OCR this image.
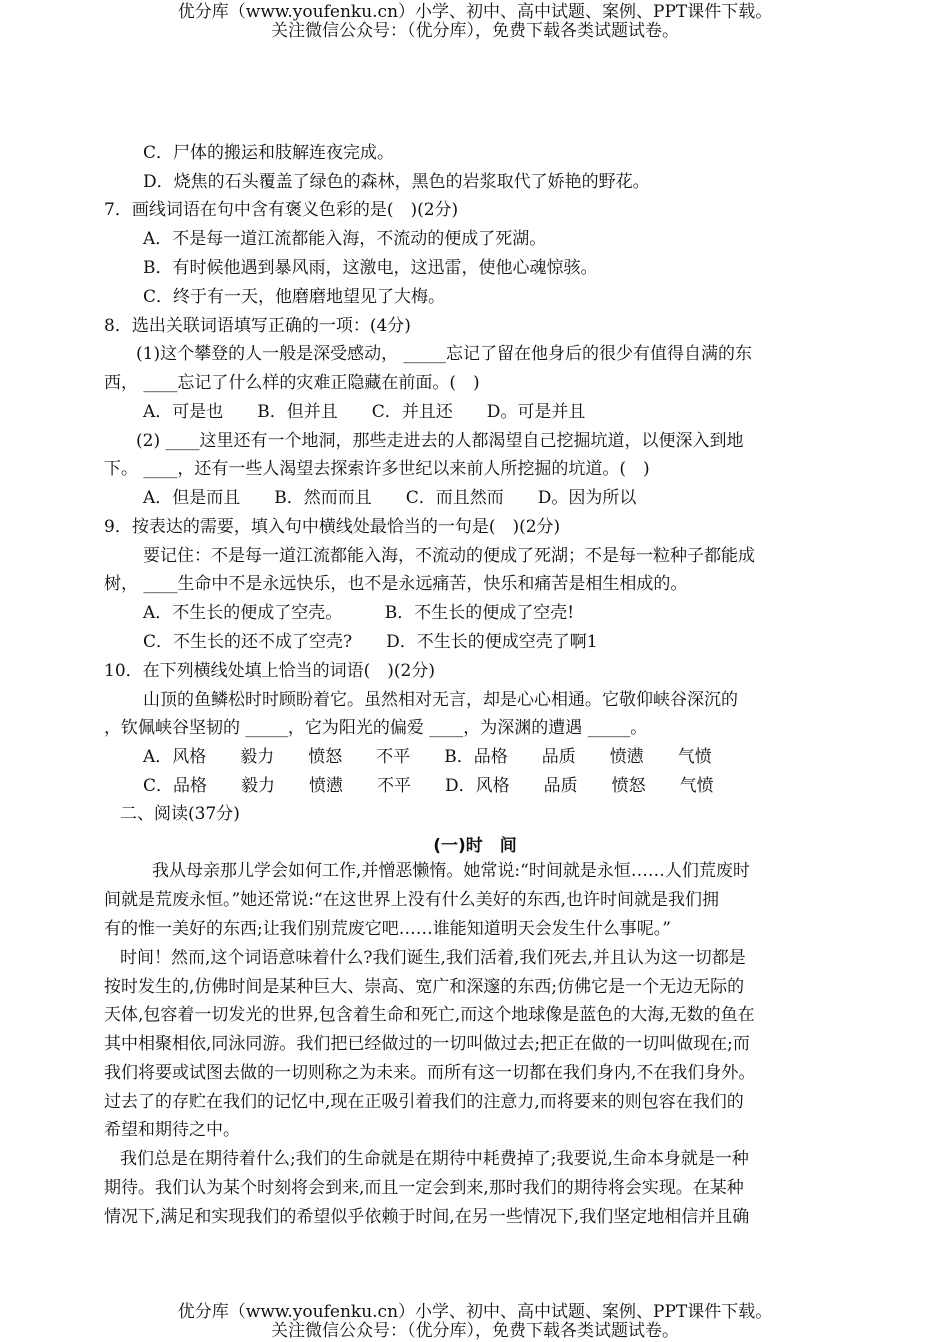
优分库（www.youfenku.cn）小学、初中、高中试题、案例、PPT课件下载。
关注微信公众号：（优分库），免费下载各类试题试卷。
C．尸体的搬运和肢解连夜完成。
D．烧焦的石头覆盖了绿色的森林，黑色的岩浆取代了娇艳的野花。
7．画线词语在句中含有褒义色彩的是(　)(2分)
A．不是每一道江流都能入海，不流动的便成了死湖。
B．有时候他遇到暴风雨，这激电，这迅雷，使他心魂惊骇。
C．终于有一天，他磨磨地望见了大梅。
8．选出关联词语填写正确的一项：(4分)
(1)这个攀登的人一般是深受感动， _____忘记了留在他身后的很少有值得自满的东
西， ____忘记了什么样的灾难正隐藏在前面。(　)
A．可是也　　B．但并且　　C．并且还　　D。可是并且
(2) ____这里还有一个地洞，那些走进去的人都渴望自己挖掘坑道，以便深入到地
下。 ____，还有一些人渴望去探索许多世纪以来前人所挖掘的坑道。(　)
A．但是而且　　B．然而而且　　C．而且然而　　D。因为所以
9．按表达的需要，填入句中横线处最恰当的一句是(　)(2分)
要记住：不是每一道江流都能入海，不流动的便成了死湖；不是每一粒种子都能成
树， ____生命中不是永远快乐，也不是永远痛苦，快乐和痛苦是相生相成的。
A．不生长的便成了空壳。　　　B．不生长的便成了空壳!
C．不生长的还不成了空壳?　　D．不生长的便成空壳了啊1
10．在下列横线处填上恰当的词语(　)(2分)
山顶的鱼鳞松时时顾盼着它。虽然相对无言，却是心心相通。它敬仰峡谷深沉的
，钦佩峡谷坚韧的 _____，它为阳光的偏爱 ____，为深渊的遭遇 _____。
A．风格　　毅力　　愤怒　　不平　　B．品格　　品质　　愤懑　　气愤
C．品格　　毅力　　愤懑　　不平　　D．风格　　品质　　愤怒　　气愤
二、阅读(37分)
(一)时　间
我从母亲那儿学会如何工作,并憎恶懒惰。她常说:“时间就是永恒……人们荒废时
间就是荒废永恒。”她还常说:“在这世界上没有什么美好的东西,也许时间就是我们拥
有的惟一美好的东西;让我们别荒废它吧……谁能知道明天会发生什么事呢。”
时间！然而,这个词语意味着什么?我们诞生,我们活着,我们死去,并且认为这一切都是
按时发生的,仿佛时间是某种巨大、崇高、宽广和深邃的东西;仿佛它是一个无边无际的
天体,包容着一切发光的世界,包含着生命和死亡,而这个地球像是蓝色的大海,无数的鱼在
其中相聚相依,同泳同游。我们把已经做过的一切叫做过去;把正在做的一切叫做现在;而
我们将要或试图去做的一切则称之为未来。而所有这一切都在我们身内,不在我们身外。
过去了的存贮在我们的记忆中,现在正吸引着我们的注意力,而将要来的则包容在我们的
希望和期待之中。
我们总是在期待着什么;我们的生命就是在期待中耗费掉了;我要说,生命本身就是一种
期待。我们认为某个时刻将会到来,而且一定会到来,那时我们的期待将会实现。在某种
情况下,满足和实现我们的希望似乎依赖于时间,在另一些情况下,我们坚定地相信并且确
优分库（www.youfenku.cn）小学、初中、高中试题、案例、PPT课件下载。
关注微信公众号：（优分库），免费下载各类试题试卷。
